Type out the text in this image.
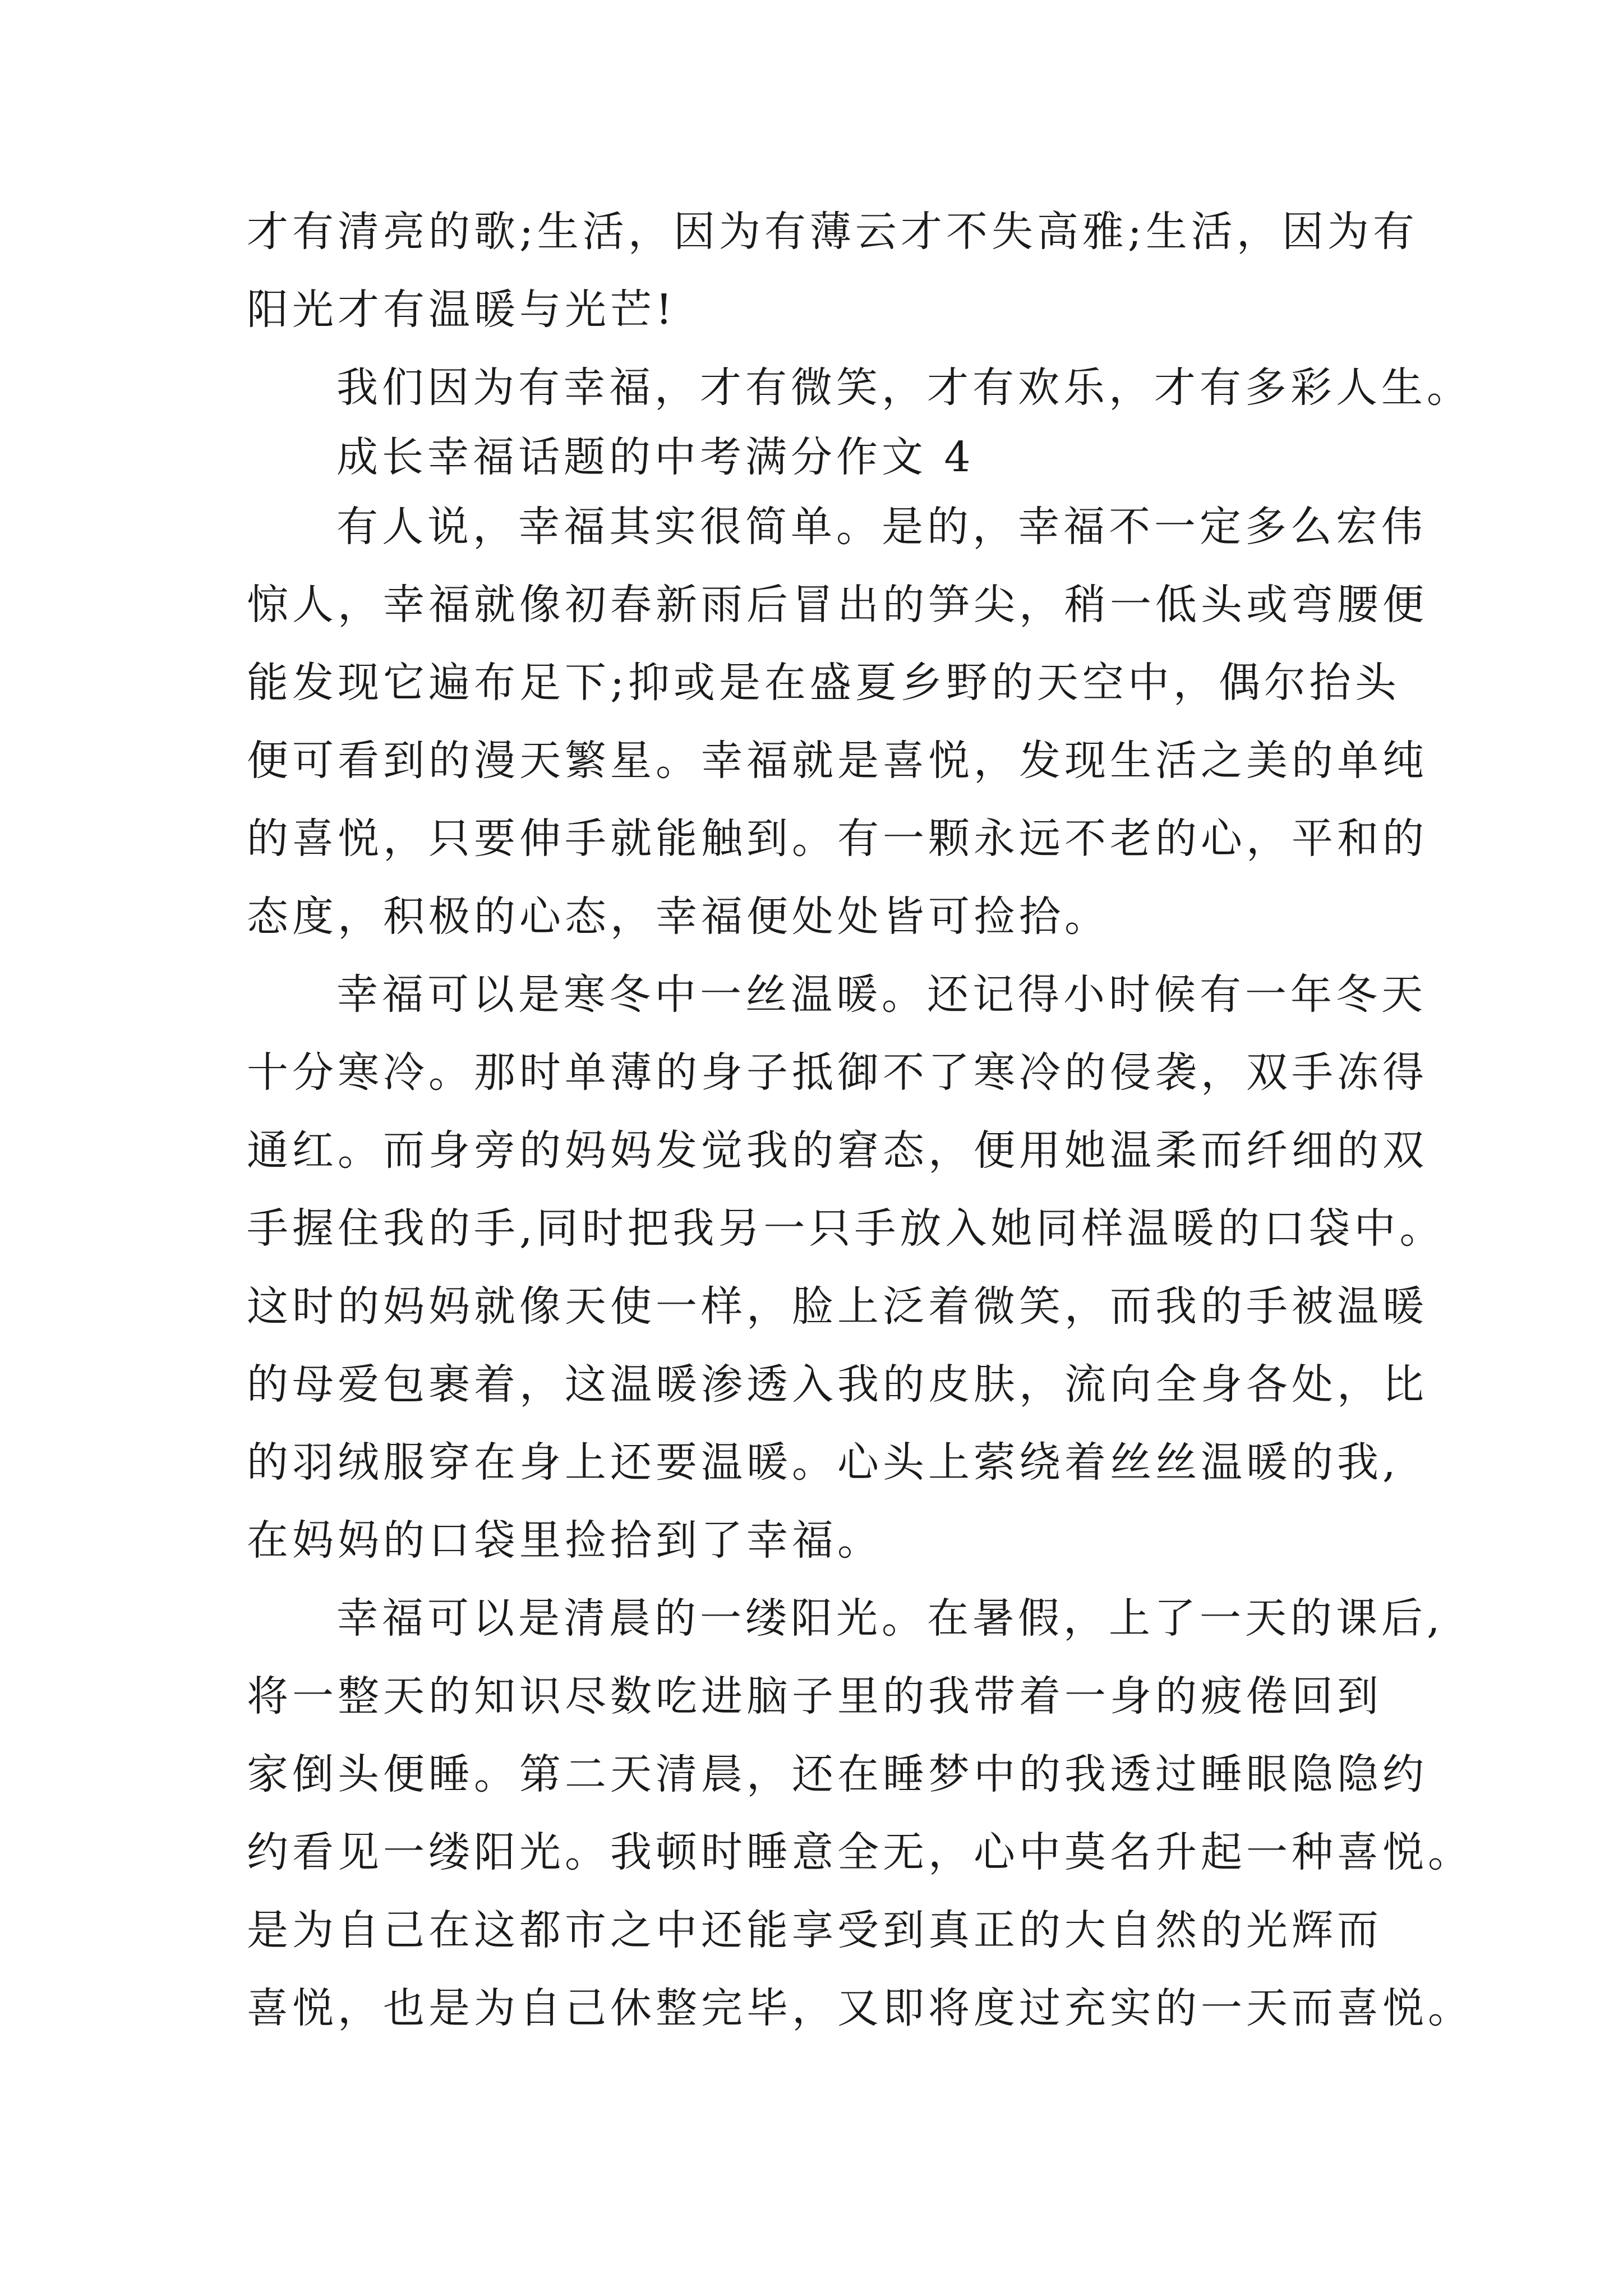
才有清亮的歌;生活，因为有薄云才不失高雅;生活，因为有
阳光才有温暖与光芒!
我们因为有幸福，才有微笑，才有欢乐，才有多彩人生。
成长幸福话题的中考满分作文 4
有人说，幸福其实很简单。是的，幸福不一定多么宏伟
惊人，幸福就像初春新雨后冒出的笋尖，稍一低头或弯腰便
能发现它遍布足下;抑或是在盛夏乡野的天空中，偶尔抬头
便可看到的漫天繁星。幸福就是喜悦，发现生活之美的单纯
的喜悦，只要伸手就能触到。有一颗永远不老的心，平和的
态度，积极的心态，幸福便处处皆可捡拾。
幸福可以是寒冬中一丝温暖。还记得小时候有一年冬天
十分寒冷。那时单薄的身子抵御不了寒冷的侵袭，双手冻得
通红。而身旁的妈妈发觉我的窘态，便用她温柔而纤细的双
手握住我的手,同时把我另一只手放入她同样温暖的口袋中。
这时的妈妈就像天使一样，脸上泛着微笑，而我的手被温暖
的母爱包裹着，这温暖渗透入我的皮肤，流向全身各处，比
的羽绒服穿在身上还要温暖。心头上萦绕着丝丝温暖的我,
在妈妈的口袋里捡拾到了幸福。
幸福可以是清晨的一缕阳光。在暑假，上了一天的课后,
将一整天的知识尽数吃进脑子里的我带着一身的疲倦回到
家倒头便睡。第二天清晨，还在睡梦中的我透过睡眼隐隐约
约看见一缕阳光。我顿时睡意全无，心中莫名升起一种喜悦。
是为自己在这都市之中还能享受到真正的大自然的光辉而
喜悦，也是为自己休整完毕，又即将度过充实的一天而喜悦。
